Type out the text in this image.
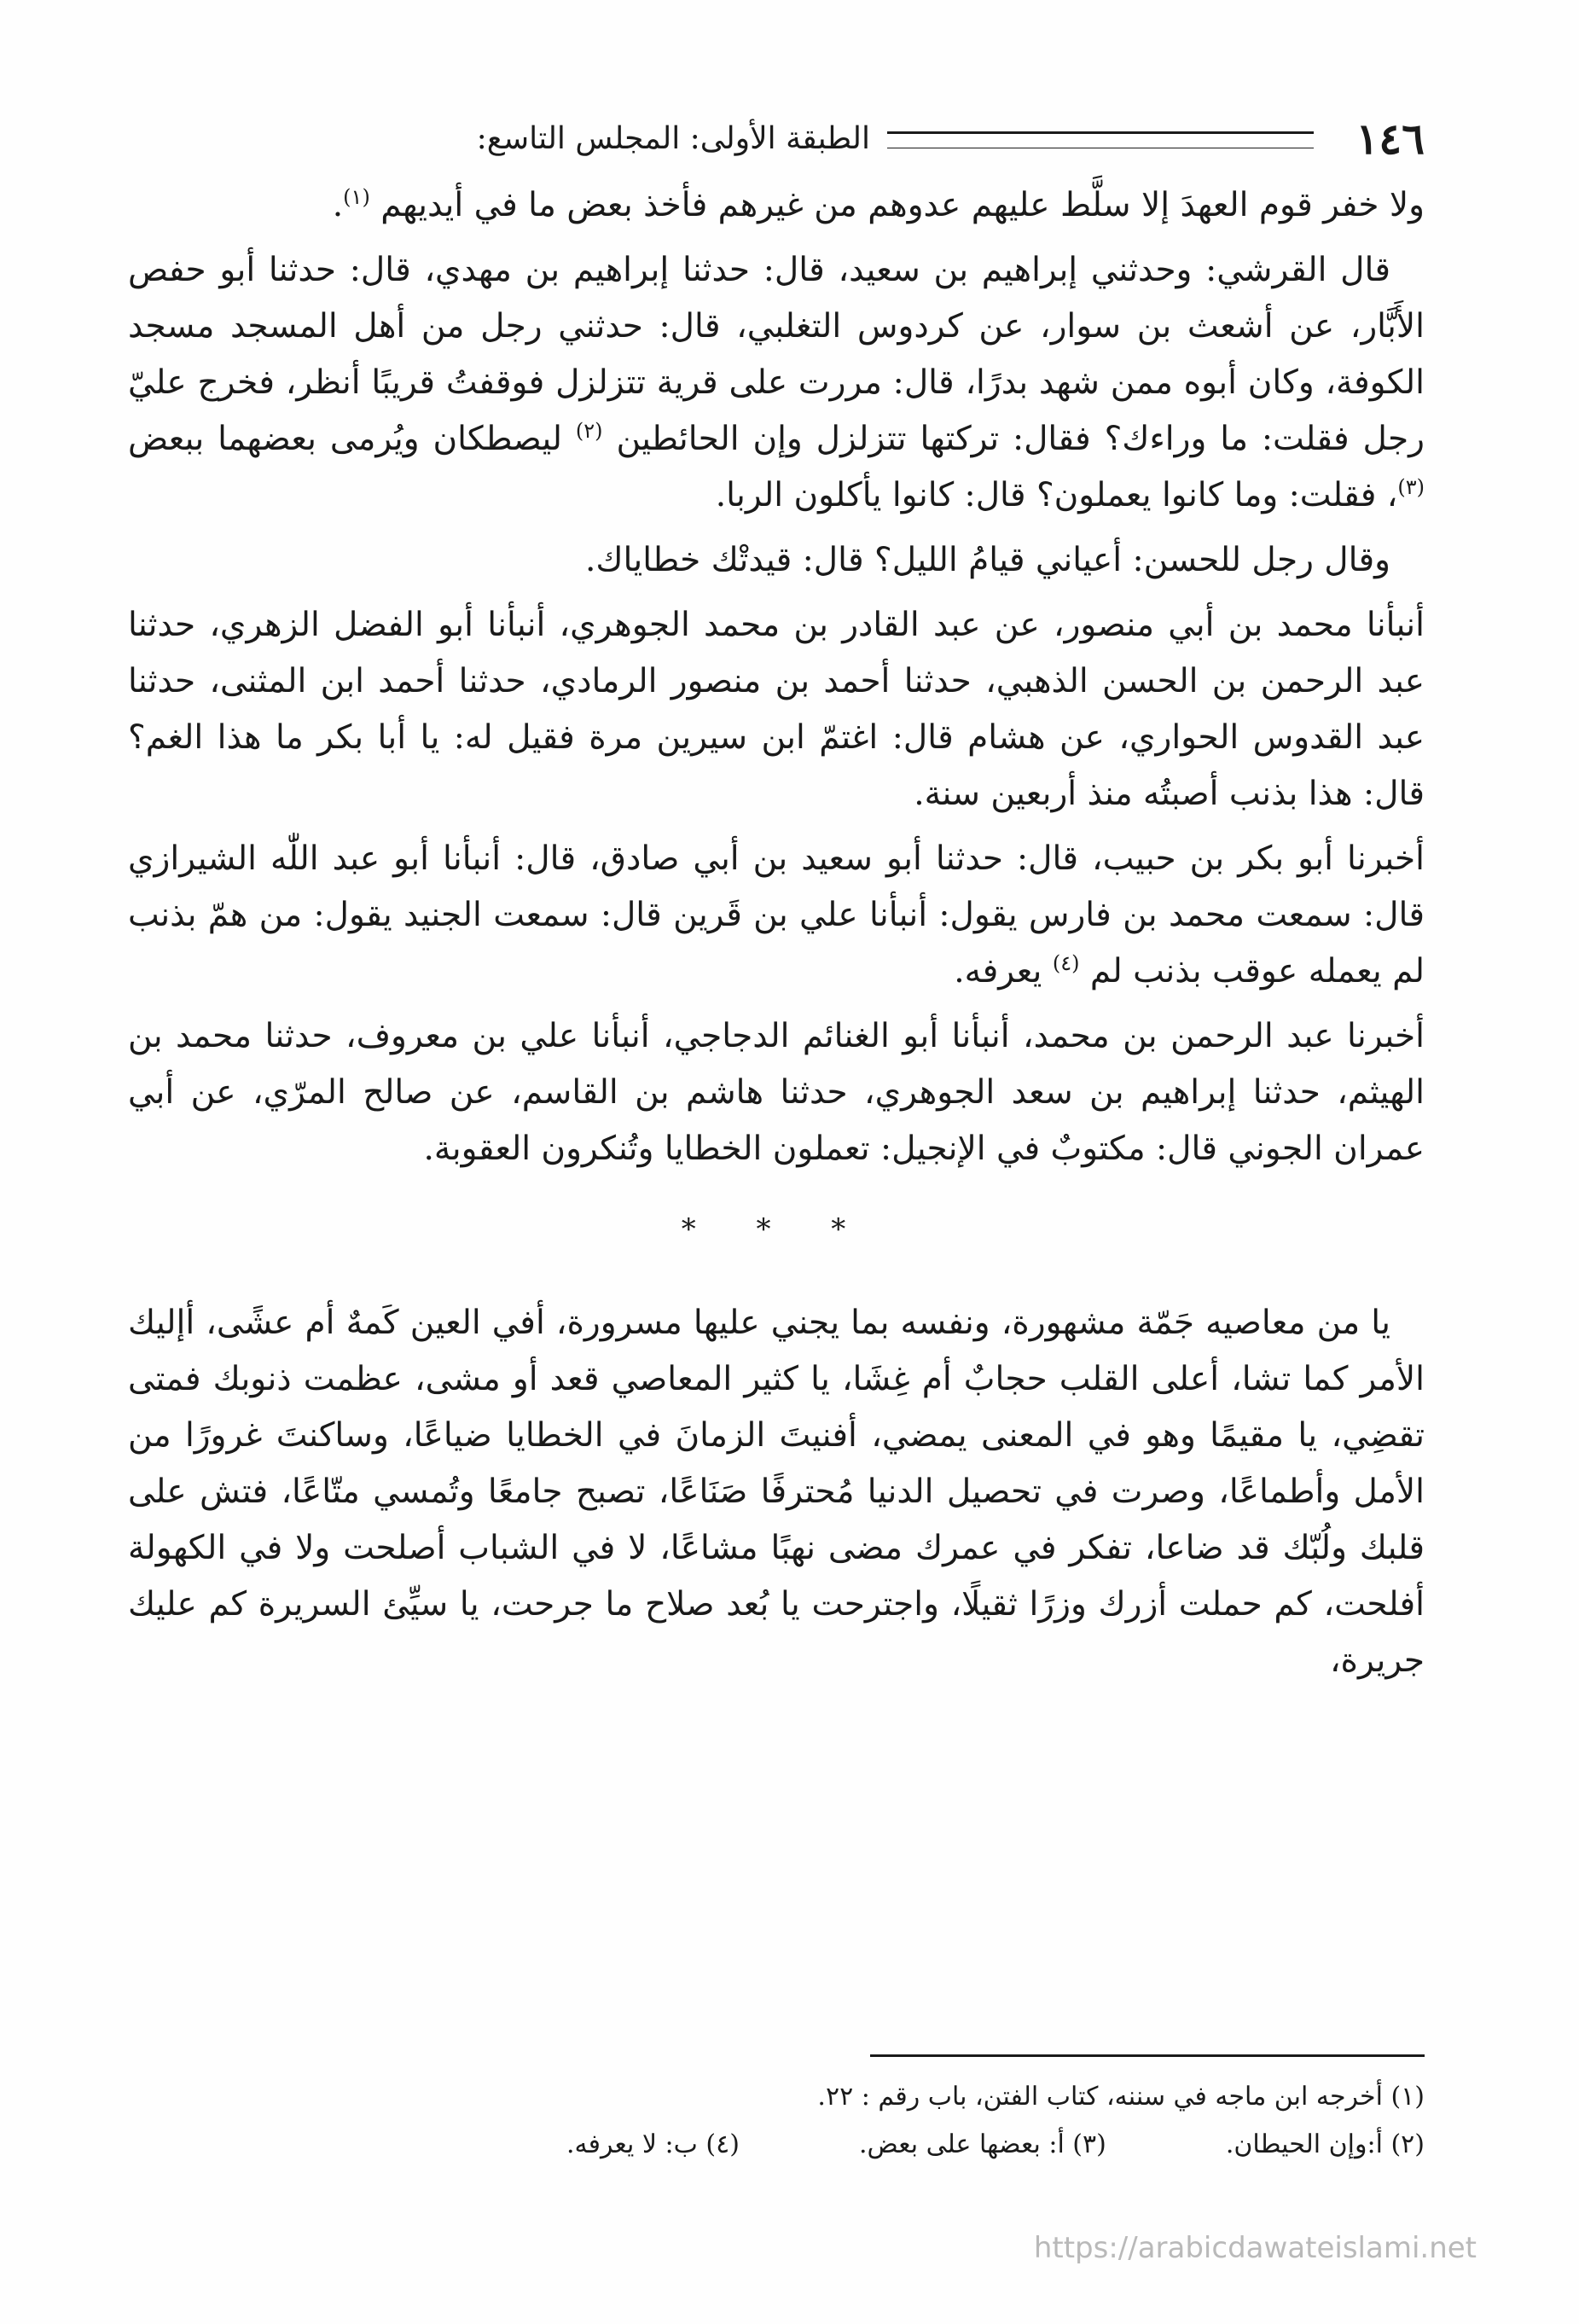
١٤٦
الطبقة الأولى: المجلس التاسع:

ولا خفر قوم العهدَ إلا سلَّط عليهم عدوهم من غيرهم فأخذ بعض ما في أيديهم $^{(١)}$.

قال القرشي: وحدثني إبراهيم بن سعيد، قال: حدثنا إبراهيم بن مهدي، قال: حدثنا أبو حفص الأَبَّار، عن أشعث بن سوار، عن كردوس التغلبي، قال: حدثني رجل من أهل المسجد مسجد الكوفة، وكان أبوه ممن شهد بدرًا، قال: مررت على قرية تتزلزل فوقفتُ قريبًا أنظر، فخرج عليّ رجل فقلت: ما وراءك؟ فقال: تركتها تتزلزل وإن الحائطين $^{(٢)}$ ليصطكان ويُرمى بعضهما ببعض $^{(٣)}$، فقلت: وما كانوا يعملون؟ قال: كانوا يأكلون الربا.

وقال رجل للحسن: أعياني قيامُ الليل؟ قال: قيدتْك خطاياك.

أنبأنا محمد بن أبي منصور، عن عبد القادر بن محمد الجوهري، أنبأنا أبو الفضل الزهري، حدثنا عبد الرحمن بن الحسن الذهبي، حدثنا أحمد بن منصور الرمادي، حدثنا أحمد ابن المثنى، حدثنا عبد القدوس الحواري، عن هشام قال: اغتمّ ابن سيرين مرة فقيل له: يا أبا بكر ما هذا الغم؟ قال: هذا بذنب أصبتُه منذ أربعين سنة.

أخبرنا أبو بكر بن حبيب، قال: حدثنا أبو سعيد بن أبي صادق، قال: أنبأنا أبو عبد اللّٰه الشيرازي قال: سمعت محمد بن فارس يقول: أنبأنا علي بن قَرين قال: سمعت الجنيد يقول: من همّ بذنب لم يعمله عوقب بذنب لم $^{(٤)}$ يعرفه.

أخبرنا عبد الرحمن بن محمد، أنبأنا أبو الغنائم الدجاجي، أنبأنا علي بن معروف، حدثنا محمد بن الهيثم، حدثنا إبراهيم بن سعد الجوهري، حدثنا هاشم بن القاسم، عن صالح المرّي، عن أبي عمران الجوني قال: مكتوبٌ في الإنجيل: تعملون الخطايا وتُنكرون العقوبة.

* * *

يا من معاصيه جَمّة مشهورة، ونفسه بما يجني عليها مسرورة، أفي العين كَمهٌ أم عشًى، أإليك الأمر كما تشا، أعلى القلب حجابٌ أم غِشَا، يا كثير المعاصي قعد أو مشى، عظمت ذنوبك فمتى تقضِي، يا مقيمًا وهو في المعنى يمضي، أفنيتَ الزمانَ في الخطايا ضياعًا، وساكنتَ غرورًا من الأمل وأطماعًا، وصرت في تحصيل الدنيا مُحترفًا صَنَاعًا، تصبح جامعًا وتُمسي متّاعًا، فتش على قلبك ولُبّك قد ضاعا، تفكر في عمرك مضى نهبًا مشاعًا، لا في الشباب أصلحت ولا في الكهولة أفلحت، كم حملت أزرك وزرًا ثقيلًا، واجترحت يا بُعد صلاح ما جرحت، يا سيِّئ السريرة كم عليك جريرة،

(١) أخرجه ابن ماجه في سننه، كتاب الفتن، باب رقم : ٢٢.
(٢) أ:وإن الحيطان.
(٣) أ: بعضها على بعض.
(٤) ب: لا يعرفه.
https://arabicdawateislami.net
